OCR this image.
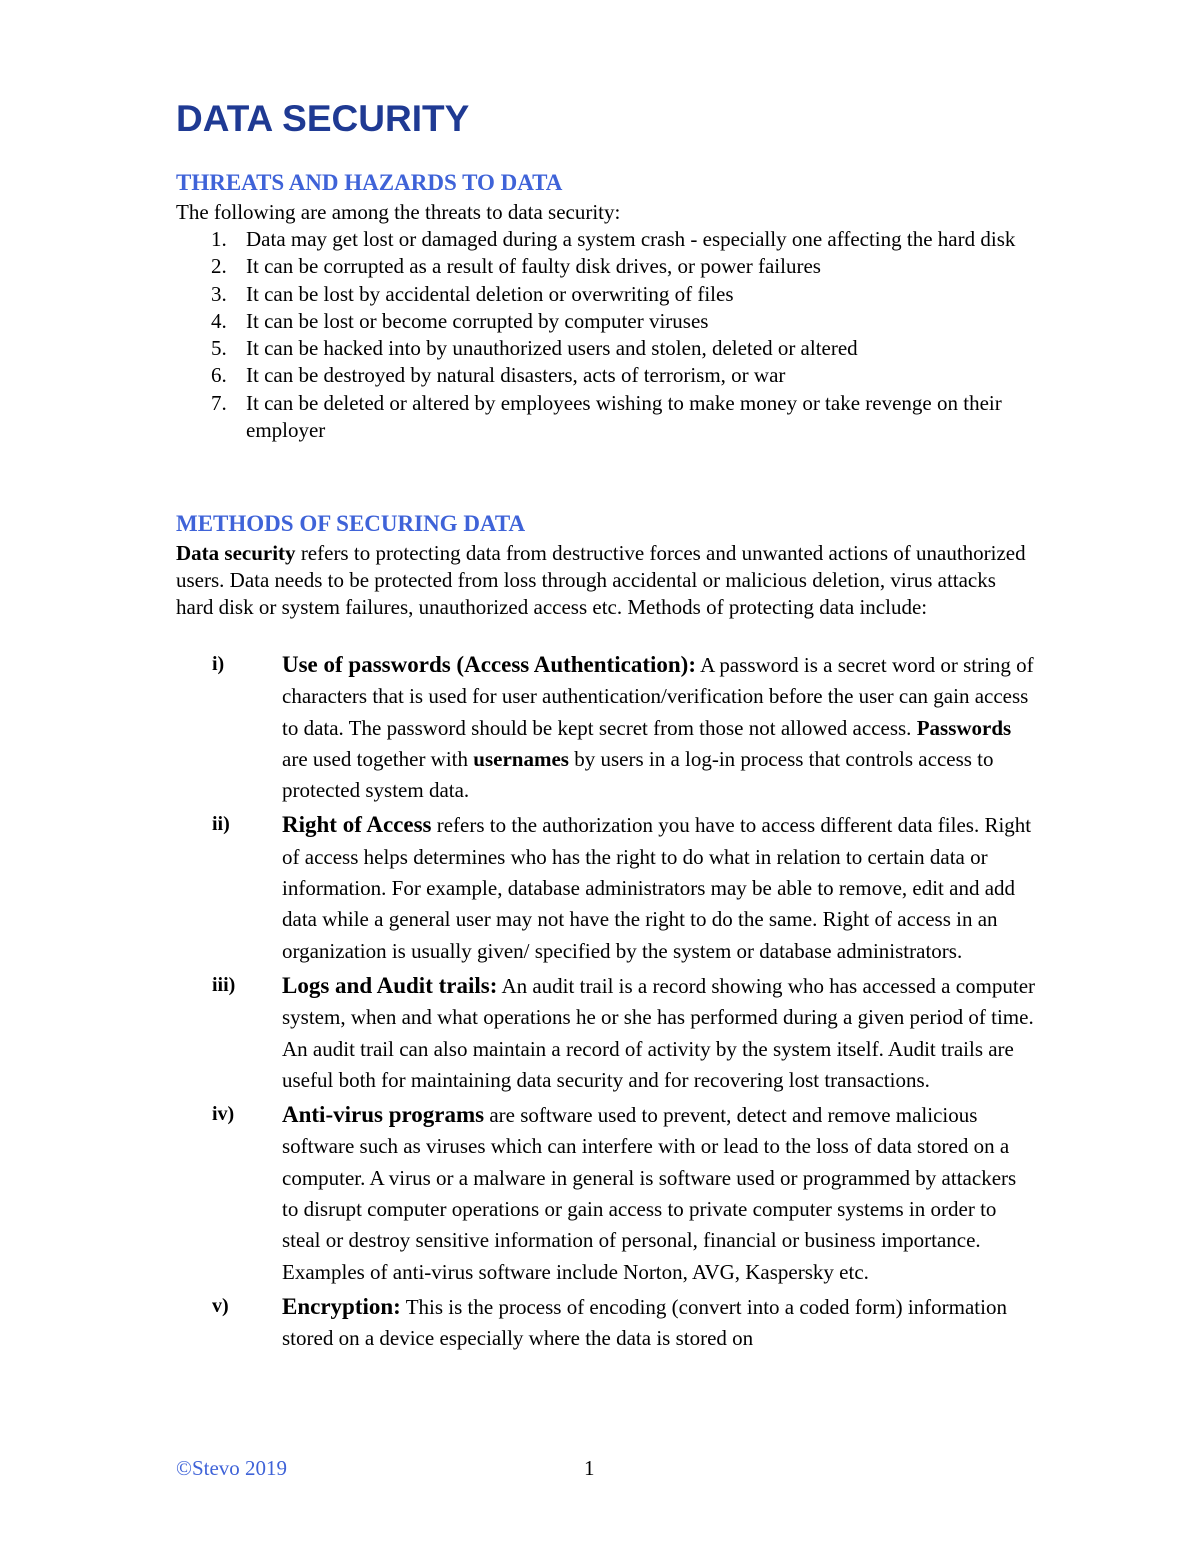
DATA SECURITY
THREATS AND HAZARDS TO DATA

The following are among the threats to data security:

1. Data may get lost or damaged during a system crash - especially one affecting the hard disk
2. It can be corrupted as a result of faulty disk drives, or power failures
3. It can be lost by accidental deletion or overwriting of files
4. It can be lost or become corrupted by computer viruses
5. It can be hacked into by unauthorized users and stolen, deleted or altered
6. It can be destroyed by natural disasters, acts of terrorism, or war
7. It can be deleted or altered by employees wishing to make money or take revenge on their employer
METHODS OF SECURING DATA

Data security refers to protecting data from destructive forces and unwanted actions of unauthorized users. Data needs to be protected from loss through accidental or malicious deletion, virus attacks hard disk or system failures, unauthorized access etc. Methods of protecting data include:

i)	Use of passwords (Access Authentication): A password is a secret word or string of characters that is used for user authentication/verification before the user can gain access to data. The password should be kept secret from those not allowed access. Passwords are used together with usernames by users in a log-in process that controls access to protected system data.
ii) Right of Access refers to the authorization you have to access different data files. Right of access helps determines who has the right to do what in relation to certain data or information. For example, database administrators may be able to remove, edit and add data while a general user may not have the right to do the same. Right of access in an organization is usually given/ specified by the system or database administrators.
iii) Logs and Audit trails: An audit trail is a record showing who has accessed a computer system, when and what operations he or she has performed during a given period of time. An audit trail can also maintain a record of activity by the system itself. Audit trails are useful both for maintaining data security and for recovering lost transactions.
iv) Anti-virus programs are software used to prevent, detect and remove malicious software such as viruses which can interfere with or lead to the loss of data stored on a computer. A virus or a malware in general is software used or programmed by attackers to disrupt computer operations or gain access to private computer systems in order to steal or destroy sensitive information of personal, financial or business importance. Examples of anti-virus software include Norton, AVG, Kaspersky etc.
v) Encryption: This is the process of encoding (convert into a coded form) information stored on a device especially where the data is stored on
©Stevo 2019	1
